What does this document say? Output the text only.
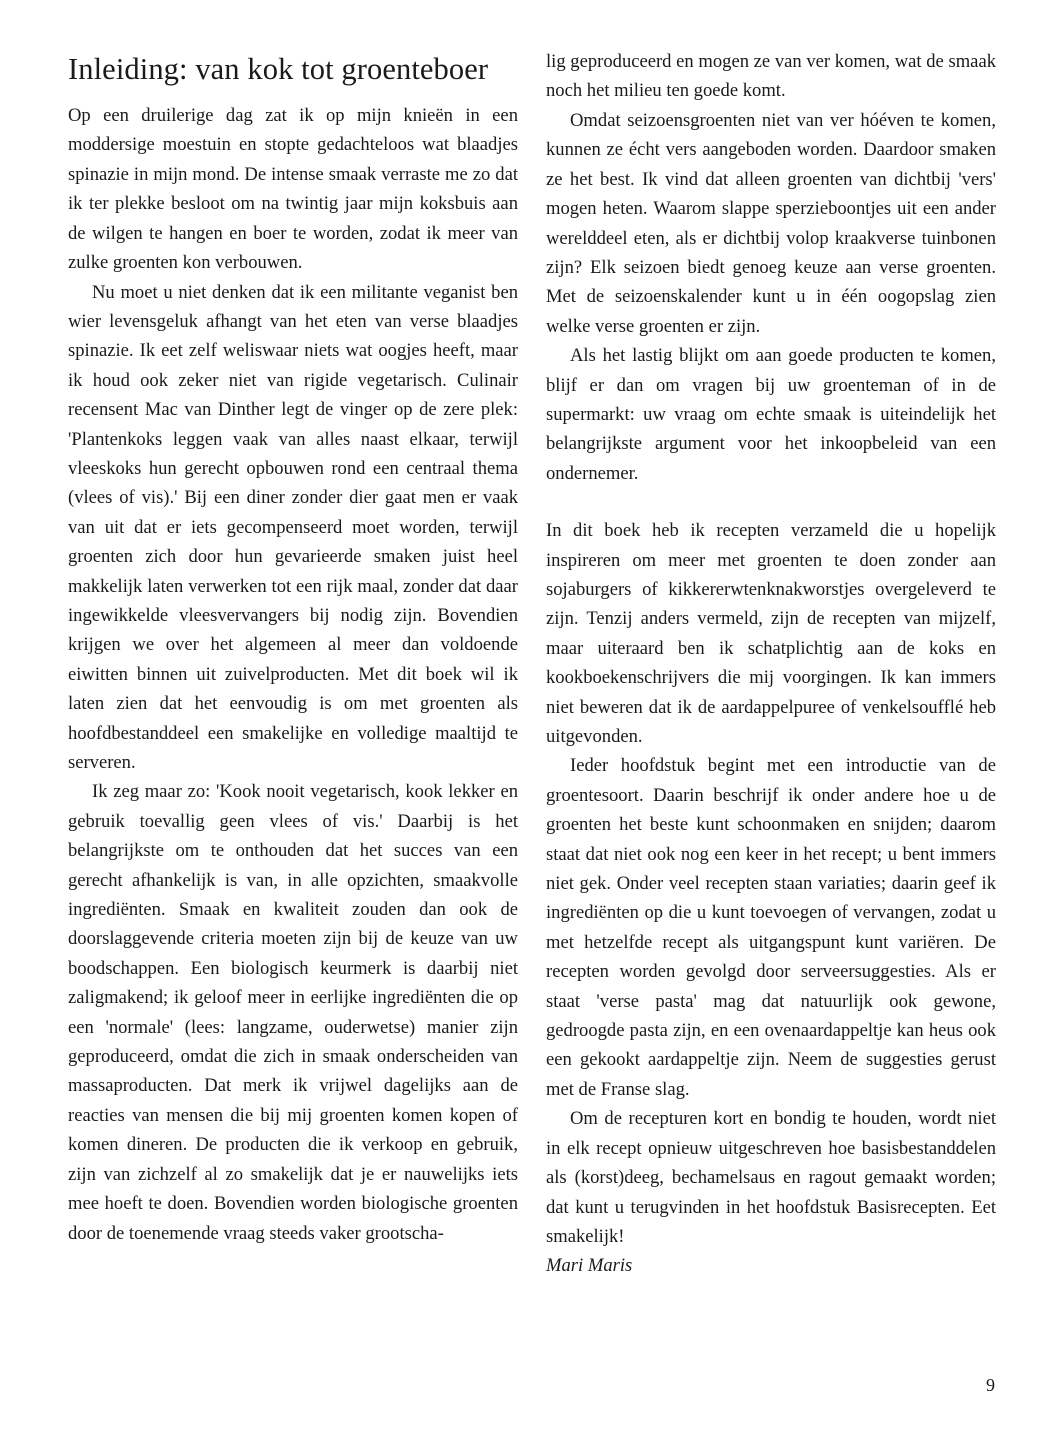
Inleiding: van kok tot groenteboer

Op een druilerige dag zat ik op mijn knieën in een moddersige moestuin en stopte gedachteloos wat blaadjes spinazie in mijn mond. De intense smaak verraste me zo dat ik ter plekke besloot om na twintig jaar mijn koksbuis aan de wilgen te hangen en boer te worden, zodat ik meer van zulke groenten kon verbouwen.

Nu moet u niet denken dat ik een militante veganist ben wier levensgeluk afhangt van het eten van verse blaadjes spinazie. Ik eet zelf weliswaar niets wat oogjes heeft, maar ik houd ook zeker niet van rigide vegetarisch. Culinair recensent Mac van Dinther legt de vinger op de zere plek: 'Plantenkoks leggen vaak van alles naast elkaar, terwijl vleeskoks hun gerecht opbouwen rond een centraal thema (vlees of vis).' Bij een diner zonder dier gaat men er vaak van uit dat er iets gecompenseerd moet worden, terwijl groenten zich door hun gevarieerde smaken juist heel makkelijk laten verwerken tot een rijk maal, zonder dat daar ingewikkelde vleesvervangers bij nodig zijn. Bovendien krijgen we over het algemeen al meer dan voldoende eiwitten binnen uit zuivelproducten. Met dit boek wil ik laten zien dat het eenvoudig is om met groenten als hoofdbestanddeel een smakelijke en volledige maaltijd te serveren.

Ik zeg maar zo: 'Kook nooit vegetarisch, kook lekker en gebruik toevallig geen vlees of vis.' Daarbij is het belangrijkste om te onthouden dat het succes van een gerecht afhankelijk is van, in alle opzichten, smaakvolle ingrediënten. Smaak en kwaliteit zouden dan ook de doorslaggevende criteria moeten zijn bij de keuze van uw boodschappen. Een biologisch keurmerk is daarbij niet zaligmakend; ik geloof meer in eerlijke ingrediënten die op een 'normale' (lees: langzame, ouderwetse) manier zijn geproduceerd, omdat die zich in smaak onderscheiden van massaproducten. Dat merk ik vrijwel dagelijks aan de reacties van mensen die bij mij groenten komen kopen of komen dineren. De producten die ik verkoop en gebruik, zijn van zichzelf al zo smakelijk dat je er nauwelijks iets mee hoeft te doen. Bovendien worden biologische groenten door de toenemende vraag steeds vaker grootscha-

lig geproduceerd en mogen ze van ver komen, wat de smaak noch het milieu ten goede komt.

Omdat seizoensgroenten niet van ver hóéven te komen, kunnen ze écht vers aangeboden worden. Daardoor smaken ze het best. Ik vind dat alleen groenten van dichtbij 'vers' mogen heten. Waarom slappe sperzieboontjes uit een ander werelddeel eten, als er dichtbij volop kraakverse tuinbonen zijn? Elk seizoen biedt genoeg keuze aan verse groenten. Met de seizoenskalender kunt u in één oogopslag zien welke verse groenten er zijn.

Als het lastig blijkt om aan goede producten te komen, blijf er dan om vragen bij uw groenteman of in de supermarkt: uw vraag om echte smaak is uiteindelijk het belangrijkste argument voor het inkoopbeleid van een ondernemer.

In dit boek heb ik recepten verzameld die u hopelijk inspireren om meer met groenten te doen zonder aan sojaburgers of kikkererwtenknakworstjes overgeleverd te zijn. Tenzij anders vermeld, zijn de recepten van mijzelf, maar uiteraard ben ik schatplichtig aan de koks en kookboekenschrijvers die mij voorgingen. Ik kan immers niet beweren dat ik de aardappelpuree of venkelsoufflé heb uitgevonden.

Ieder hoofdstuk begint met een introductie van de groentesoort. Daarin beschrijf ik onder andere hoe u de groenten het beste kunt schoonmaken en snijden; daarom staat dat niet ook nog een keer in het recept; u bent immers niet gek. Onder veel recepten staan variaties; daarin geef ik ingrediënten op die u kunt toevoegen of vervangen, zodat u met hetzelfde recept als uitgangspunt kunt variëren. De recepten worden gevolgd door serveersuggesties. Als er staat 'verse pasta' mag dat natuurlijk ook gewone, gedroogde pasta zijn, en een ovenaardappeltje kan heus ook een gekookt aardappeltje zijn. Neem de suggesties gerust met de Franse slag.

Om de recepturen kort en bondig te houden, wordt niet in elk recept opnieuw uitgeschreven hoe basisbestanddelen als (korst)deeg, bechamelsaus en ragout gemaakt worden; dat kunt u terugvinden in het hoofdstuk Basisrecepten. Eet smakelijk!

Mari Maris

9
